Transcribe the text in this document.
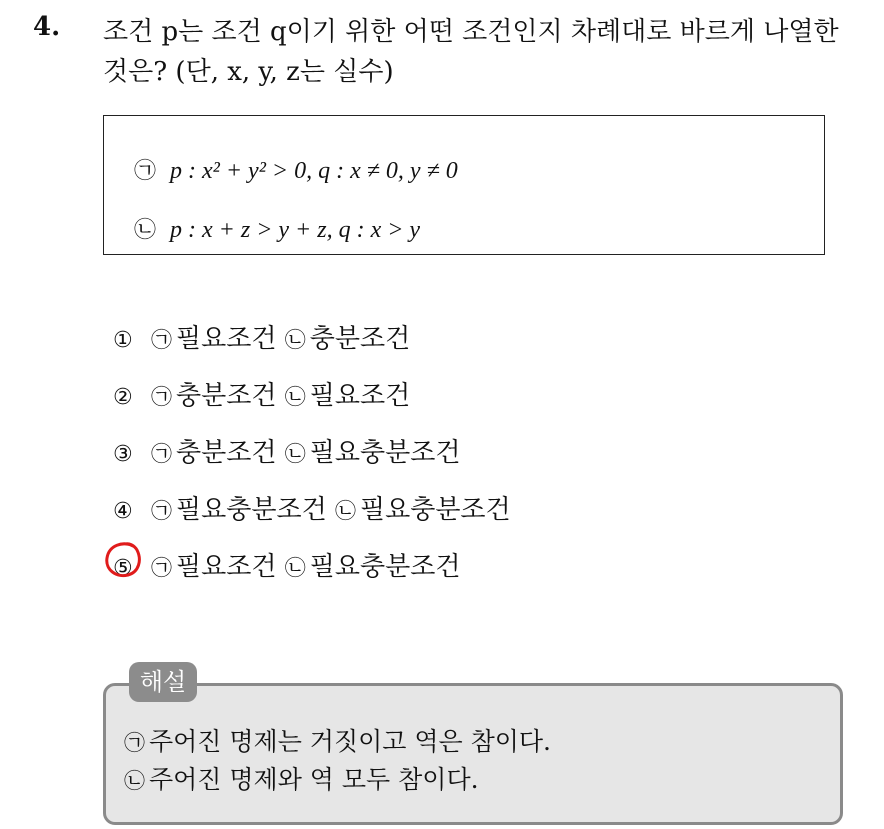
4. 조건 p는 조건 q이기 위한 어떤 조건인지 차례대로 바르게 나열한
것은? (단, x, y, z는 실수)
㉠ p : x² + y² > 0, q : x ≠ 0, y ≠ 0
㉡ p : x + z > y + z, q : x > y
① ㉠ 필요조건 ㉡ 충분조건
② ㉠ 충분조건 ㉡ 필요조건
③ ㉠ 충분조건 ㉡ 필요충분조건
④ ㉠ 필요충분조건 ㉡ 필요충분조건
⑤ ㉠ 필요조건 ㉡ 필요충분조건
㉠ 주어진 명제는 거짓이고 역은 참이다.
㉡ 주어진 명제와 역 모두 참이다.
해설
